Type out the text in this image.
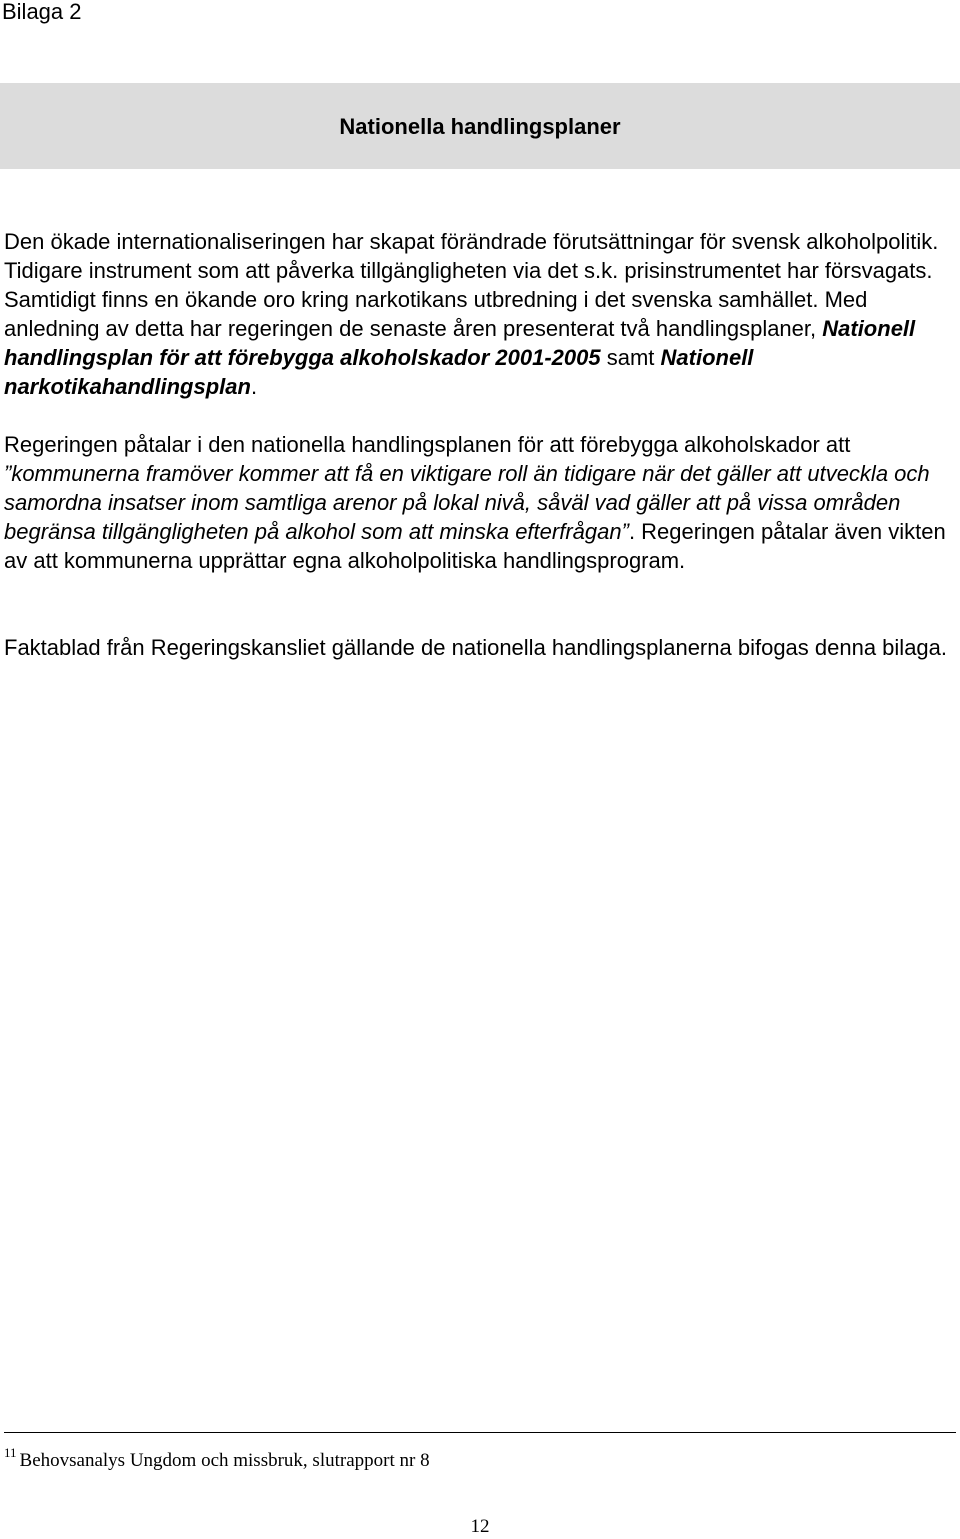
Bilaga 2
Nationella handlingsplaner

Den ökade internationaliseringen har skapat förändrade förutsättningar för svensk alkoholpolitik. Tidigare instrument som att påverka tillgängligheten via det s.k. prisinstrumentet har försvagats. Samtidigt finns en ökande oro kring narkotikans utbredning i det svenska samhället. Med anledning av detta har regeringen de senaste åren presenterat två handlingsplaner, Nationell handlingsplan för att förebygga alkoholskador 2001-2005 samt Nationell narkotikahandlingsplan.

Regeringen påtalar i den nationella handlingsplanen för att förebygga alkoholskador att ”kommunerna framöver kommer att få en viktigare roll än tidigare när det gäller att utveckla och samordna insatser inom samtliga arenor på lokal nivå, såväl vad gäller att på vissa områden begränsa tillgängligheten på alkohol som att minska efterfrågan”. Regeringen påtalar även vikten av att kommunerna upprättar egna alkoholpolitiska handlingsprogram.

Faktablad från Regeringskansliet gällande de nationella handlingsplanerna bifogas denna bilaga.

$^{11}$ Behovsanalys Ungdom och missbruk, slutrapport nr 8
12
